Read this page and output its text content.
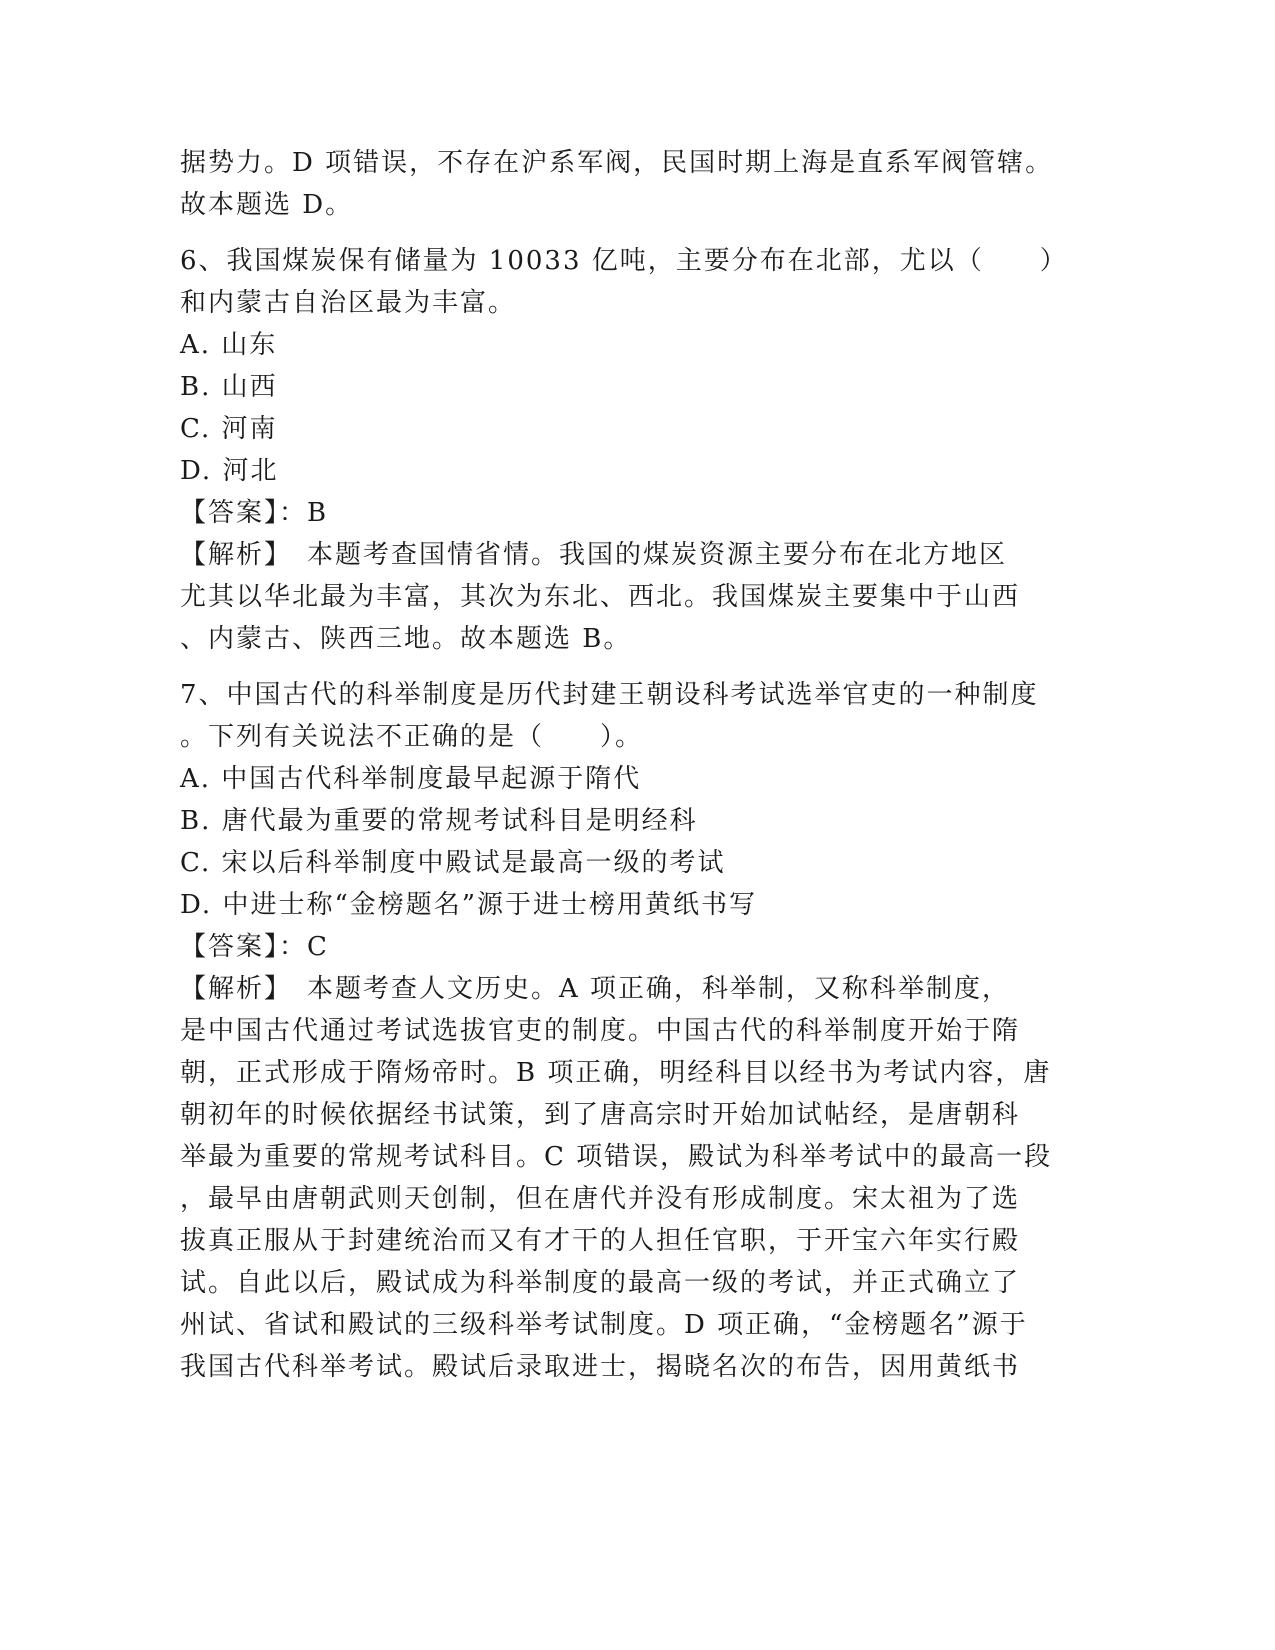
据势力。D 项错误，不存在沪系军阀，民国时期上海是直系军阀管辖。
故本题选 D。
6、我国煤炭保有储量为 10033 亿吨，主要分布在北部，尤以（　　）
和内蒙古自治区最为丰富。
A. 山东
B. 山西
C. 河南
D. 河北
【答案】：B
【解析】　本题考查国情省情。我国的煤炭资源主要分布在北方地区
尤其以华北最为丰富，其次为东北、西北。我国煤炭主要集中于山西
、内蒙古、陕西三地。故本题选 B。
7、中国古代的科举制度是历代封建王朝设科考试选举官吏的一种制度
。下列有关说法不正确的是（　　）。
A. 中国古代科举制度最早起源于隋代
B. 唐代最为重要的常规考试科目是明经科
C. 宋以后科举制度中殿试是最高一级的考试
D. 中进士称“金榜题名”源于进士榜用黄纸书写
【答案】：C
【解析】　本题考查人文历史。A 项正确，科举制，又称科举制度，
是中国古代通过考试选拔官吏的制度。中国古代的科举制度开始于隋
朝，正式形成于隋炀帝时。B 项正确，明经科目以经书为考试内容，唐
朝初年的时候依据经书试策，到了唐高宗时开始加试帖经，是唐朝科
举最为重要的常规考试科目。C 项错误，殿试为科举考试中的最高一段
，最早由唐朝武则天创制，但在唐代并没有形成制度。宋太祖为了选
拔真正服从于封建统治而又有才干的人担任官职，于开宝六年实行殿
试。自此以后，殿试成为科举制度的最高一级的考试，并正式确立了
州试、省试和殿试的三级科举考试制度。D 项正确，“金榜题名”源于
我国古代科举考试。殿试后录取进士，揭晓名次的布告，因用黄纸书
